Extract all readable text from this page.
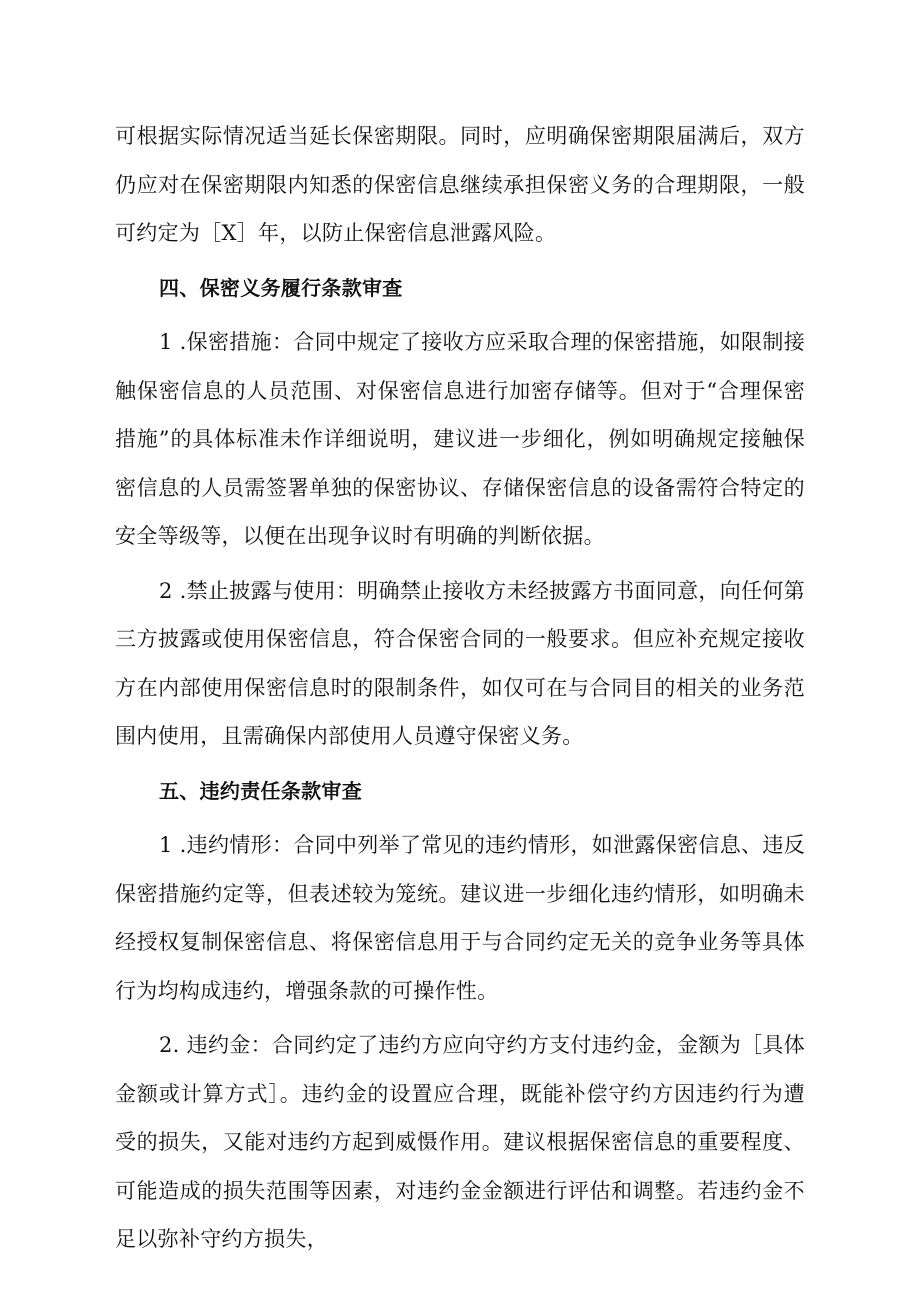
可根据实际情况适当延长保密期限。同时，应明确保密期限届满后，双方仍应对在保密期限内知悉的保密信息继续承担保密义务的合理期限，一般可约定为［X］年，以防止保密信息泄露风险。

四、保密义务履行条款审查

1 .保密措施：合同中规定了接收方应采取合理的保密措施，如限制接触保密信息的人员范围、对保密信息进行加密存储等。但对于“合理保密措施”的具体标准未作详细说明，建议进一步细化，例如明确规定接触保密信息的人员需签署单独的保密协议、存储保密信息的设备需符合特定的安全等级等，以便在出现争议时有明确的判断依据。

2 .禁止披露与使用：明确禁止接收方未经披露方书面同意，向任何第三方披露或使用保密信息，符合保密合同的一般要求。但应补充规定接收方在内部使用保密信息时的限制条件，如仅可在与合同目的相关的业务范围内使用，且需确保内部使用人员遵守保密义务。

五、违约责任条款审查

1 .违约情形：合同中列举了常见的违约情形，如泄露保密信息、违反保密措施约定等，但表述较为笼统。建议进一步细化违约情形，如明确未经授权复制保密信息、将保密信息用于与合同约定无关的竞争业务等具体行为均构成违约，增强条款的可操作性。

2. 违约金：合同约定了违约方应向守约方支付违约金，金额为［具体金额或计算方式］。违约金的设置应合理，既能补偿守约方因违约行为遭受的损失，又能对违约方起到威慑作用。建议根据保密信息的重要程度、可能造成的损失范围等因素，对违约金金额进行评估和调整。若违约金不足以弥补守约方损失，
